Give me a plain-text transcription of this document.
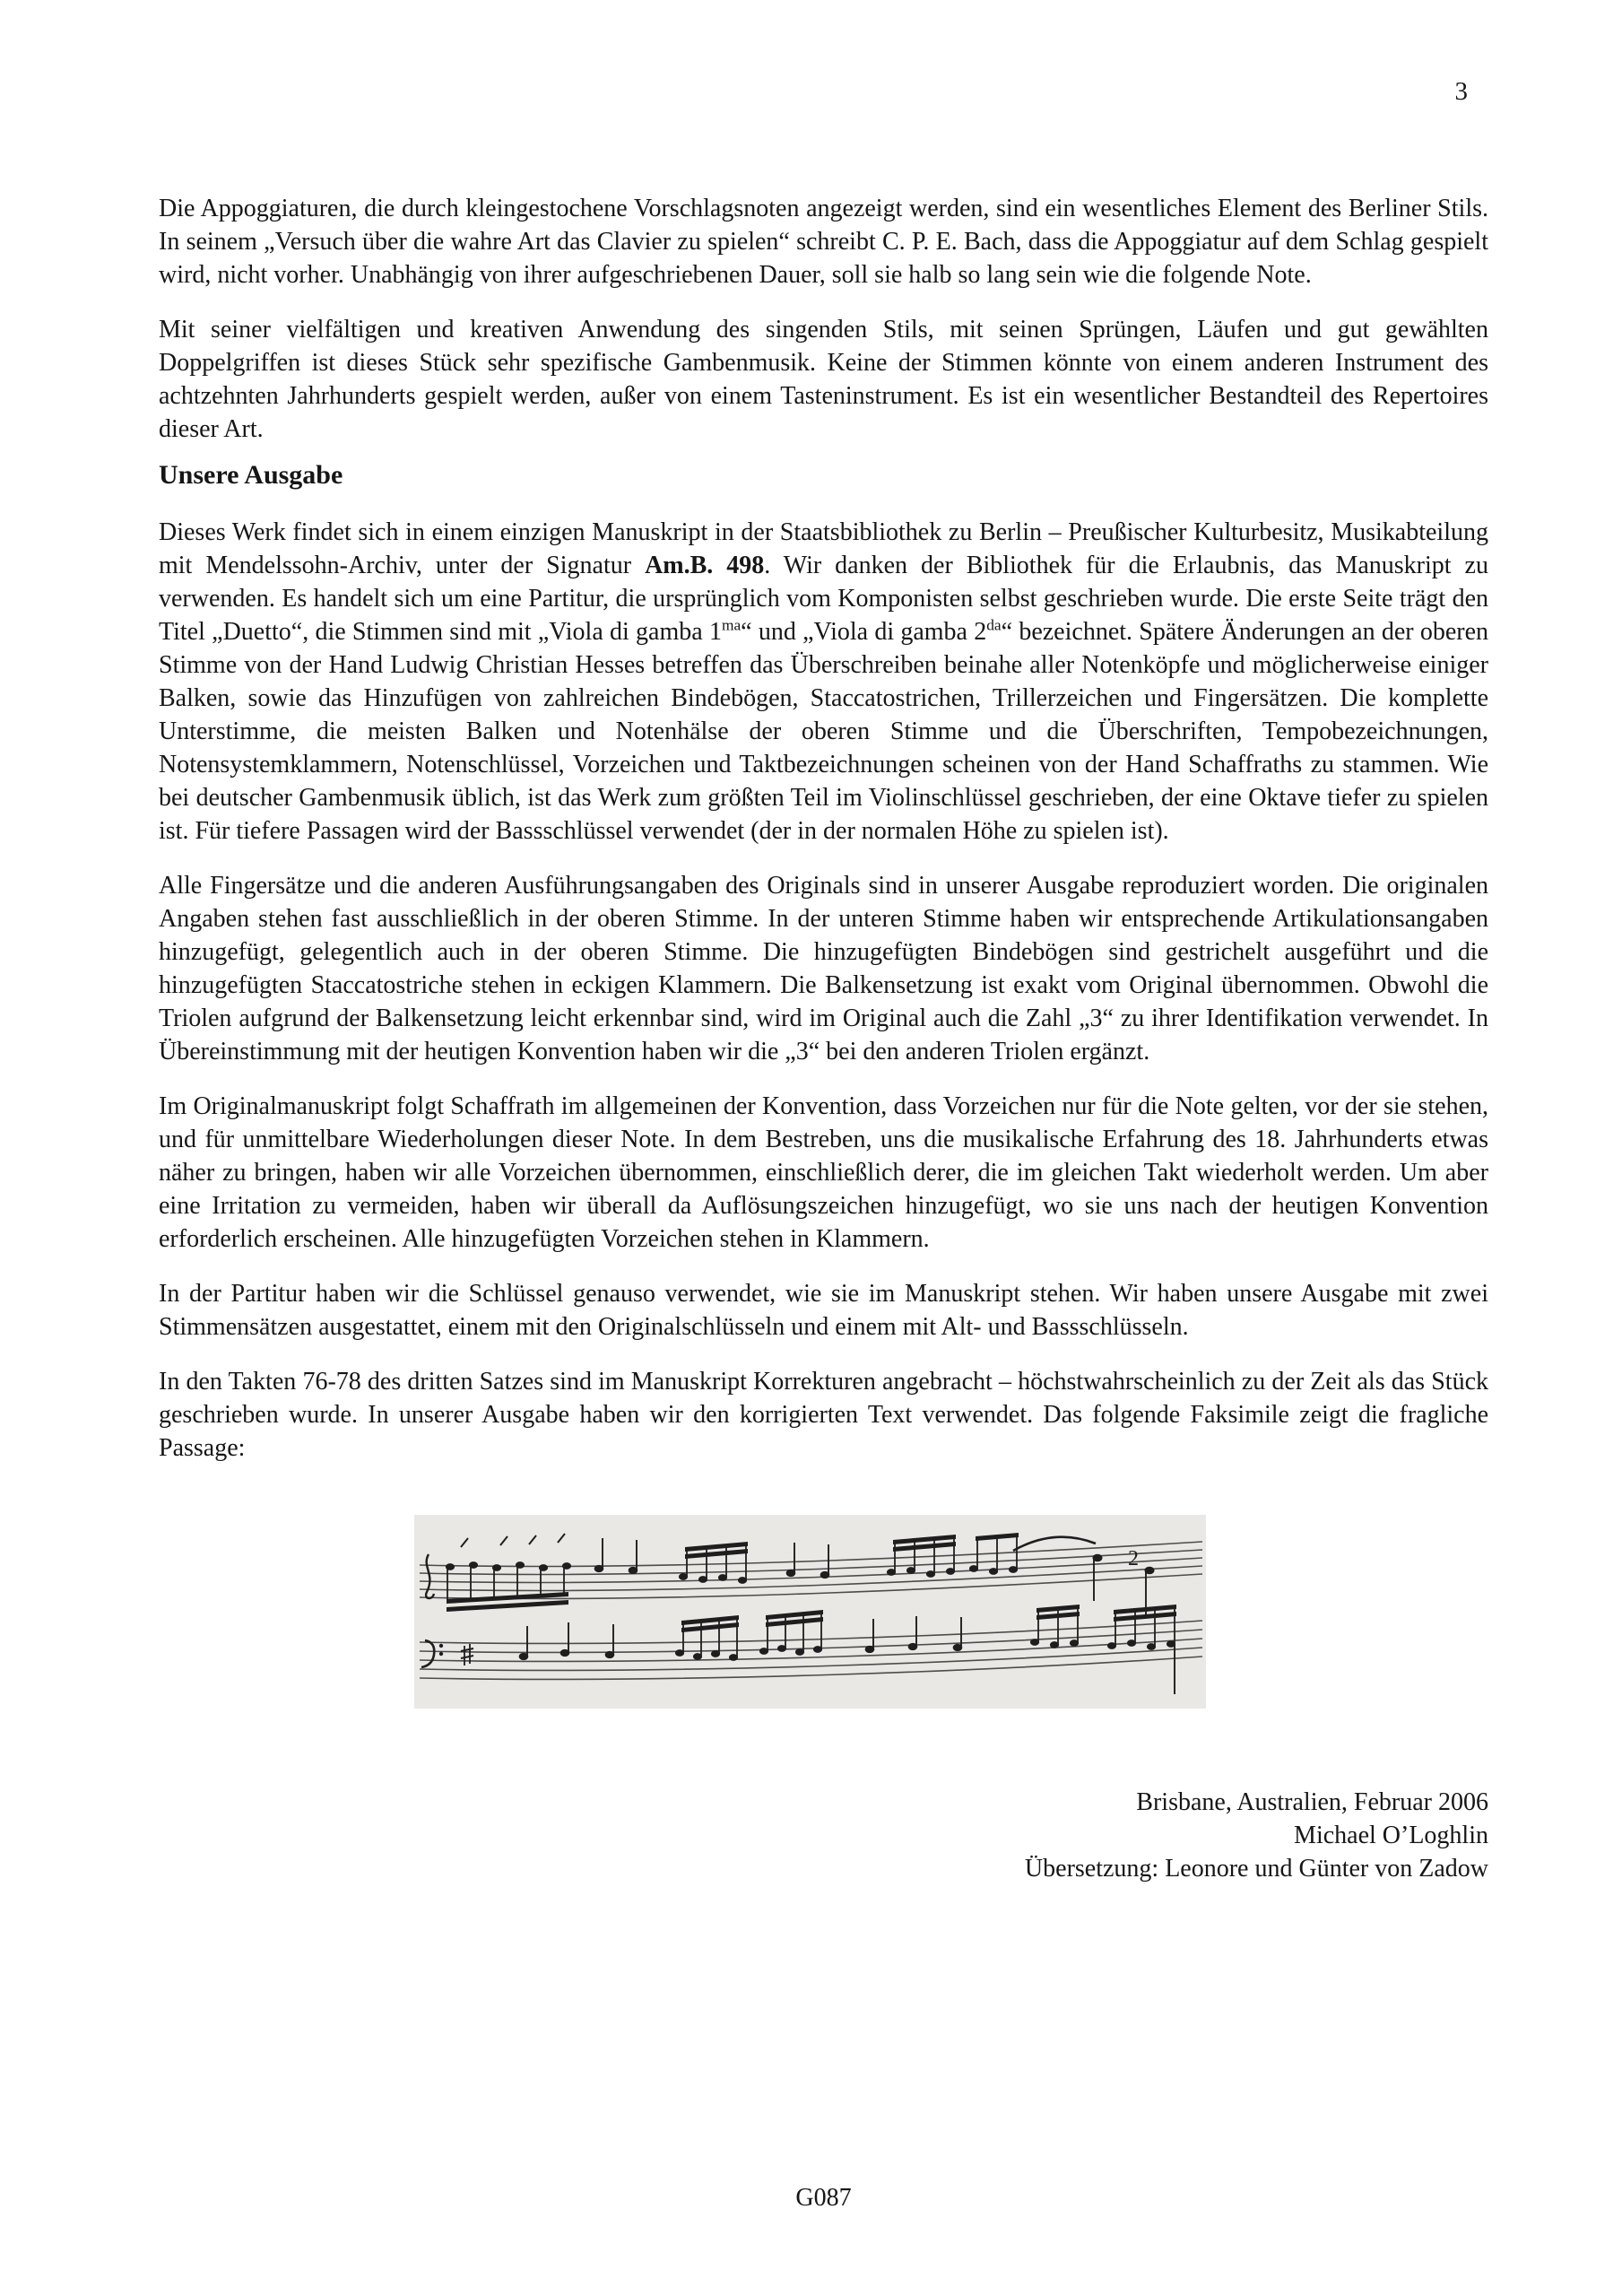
3

Die Appoggiaturen, die durch kleingestochene Vorschlagsnoten angezeigt werden, sind ein wesentliches Element des Berliner Stils. In seinem „Versuch über die wahre Art das Clavier zu spielen“ schreibt C. P. E. Bach, dass die Appoggiatur auf dem Schlag gespielt wird, nicht vorher. Unabhängig von ihrer aufgeschriebenen Dauer, soll sie halb so lang sein wie die folgende Note.

Mit seiner vielfältigen und kreativen Anwendung des singenden Stils, mit seinen Sprüngen, Läufen und gut gewählten Doppelgriffen ist dieses Stück sehr spezifische Gambenmusik. Keine der Stimmen könnte von einem anderen Instrument des achtzehnten Jahrhunderts gespielt werden, außer von einem Tasteninstrument. Es ist ein wesentlicher Bestandteil des Repertoires dieser Art.

Unsere Ausgabe

Dieses Werk findet sich in einem einzigen Manuskript in der Staatsbibliothek zu Berlin – Preußischer Kulturbesitz, Musikabteilung mit Mendelssohn-Archiv, unter der Signatur Am.B. 498. Wir danken der Bibliothek für die Erlaubnis, das Manuskript zu verwenden. Es handelt sich um eine Partitur, die ursprünglich vom Komponisten selbst geschrieben wurde. Die erste Seite trägt den Titel „Duetto“, die Stimmen sind mit „Viola di gamba $1^{ma}“$ und „Viola di gamba $2^{da}“$ bezeichnet. Spätere Änderungen an der oberen Stimme von der Hand Ludwig Christian Hesses betreffen das Überschreiben beinahe aller Notenköpfe und möglicherweise einiger Balken, sowie das Hinzufügen von zahlreichen Bindebögen, Staccatostrichen, Trillerzeichen und Fingersätzen. Die komplette Unterstimme, die meisten Balken und Notenhälse der oberen Stimme und die Überschriften, Tempobezeichnungen, Notensystemklammern, Notenschlüssel, Vorzeichen und Taktbezeichnungen scheinen von der Hand Schaffraths zu stammen. Wie bei deutscher Gambenmusik üblich, ist das Werk zum größten Teil im Violinschlüssel geschrieben, der eine Oktave tiefer zu spielen ist. Für tiefere Passagen wird der Bassschlüssel verwendet (der in der normalen Höhe zu spielen ist).

Alle Fingersätze und die anderen Ausführungsangaben des Originals sind in unserer Ausgabe reproduziert worden. Die originalen Angaben stehen fast ausschließlich in der oberen Stimme. In der unteren Stimme haben wir entsprechende Artikulationsangaben hinzugefügt, gelegentlich auch in der oberen Stimme. Die hinzugefügten Bindebögen sind gestrichelt ausgeführt und die hinzugefügten Staccatostriche stehen in eckigen Klammern. Die Balkensetzung ist exakt vom Original übernommen. Obwohl die Triolen aufgrund der Balkensetzung leicht erkennbar sind, wird im Original auch die Zahl „3“ zu ihrer Identifikation verwendet. In Übereinstimmung mit der heutigen Konvention haben wir die „3“ bei den anderen Triolen ergänzt.

Im Originalmanuskript folgt Schaffrath im allgemeinen der Konvention, dass Vorzeichen nur für die Note gelten, vor der sie stehen, und für unmittelbare Wiederholungen dieser Note. In dem Bestreben, uns die musikalische Erfahrung des 18. Jahrhunderts etwas näher zu bringen, haben wir alle Vorzeichen übernommen, einschließlich derer, die im gleichen Takt wiederholt werden. Um aber eine Irritation zu vermeiden, haben wir überall da Auflösungszeichen hinzugefügt, wo sie uns nach der heutigen Konvention erforderlich erscheinen. Alle hinzugefügten Vorzeichen stehen in Klammern.

In der Partitur haben wir die Schlüssel genauso verwendet, wie sie im Manuskript stehen. Wir haben unsere Ausgabe mit zwei Stimmensätzen ausgestattet, einem mit den Originalschlüsseln und einem mit Alt- und Bassschlüsseln.

In den Takten 76-78 des dritten Satzes sind im Manuskript Korrekturen angebracht – höchstwahrscheinlich zu der Zeit als das Stück geschrieben wurde. In unserer Ausgabe haben wir den korrigierten Text verwendet. Das folgende Faksimile zeigt die fragliche Passage:

2
Brisbane, Australien, Februar 2006
Michael O’Loghlin
Übersetzung: Leonore und Günter von Zadow
G087
